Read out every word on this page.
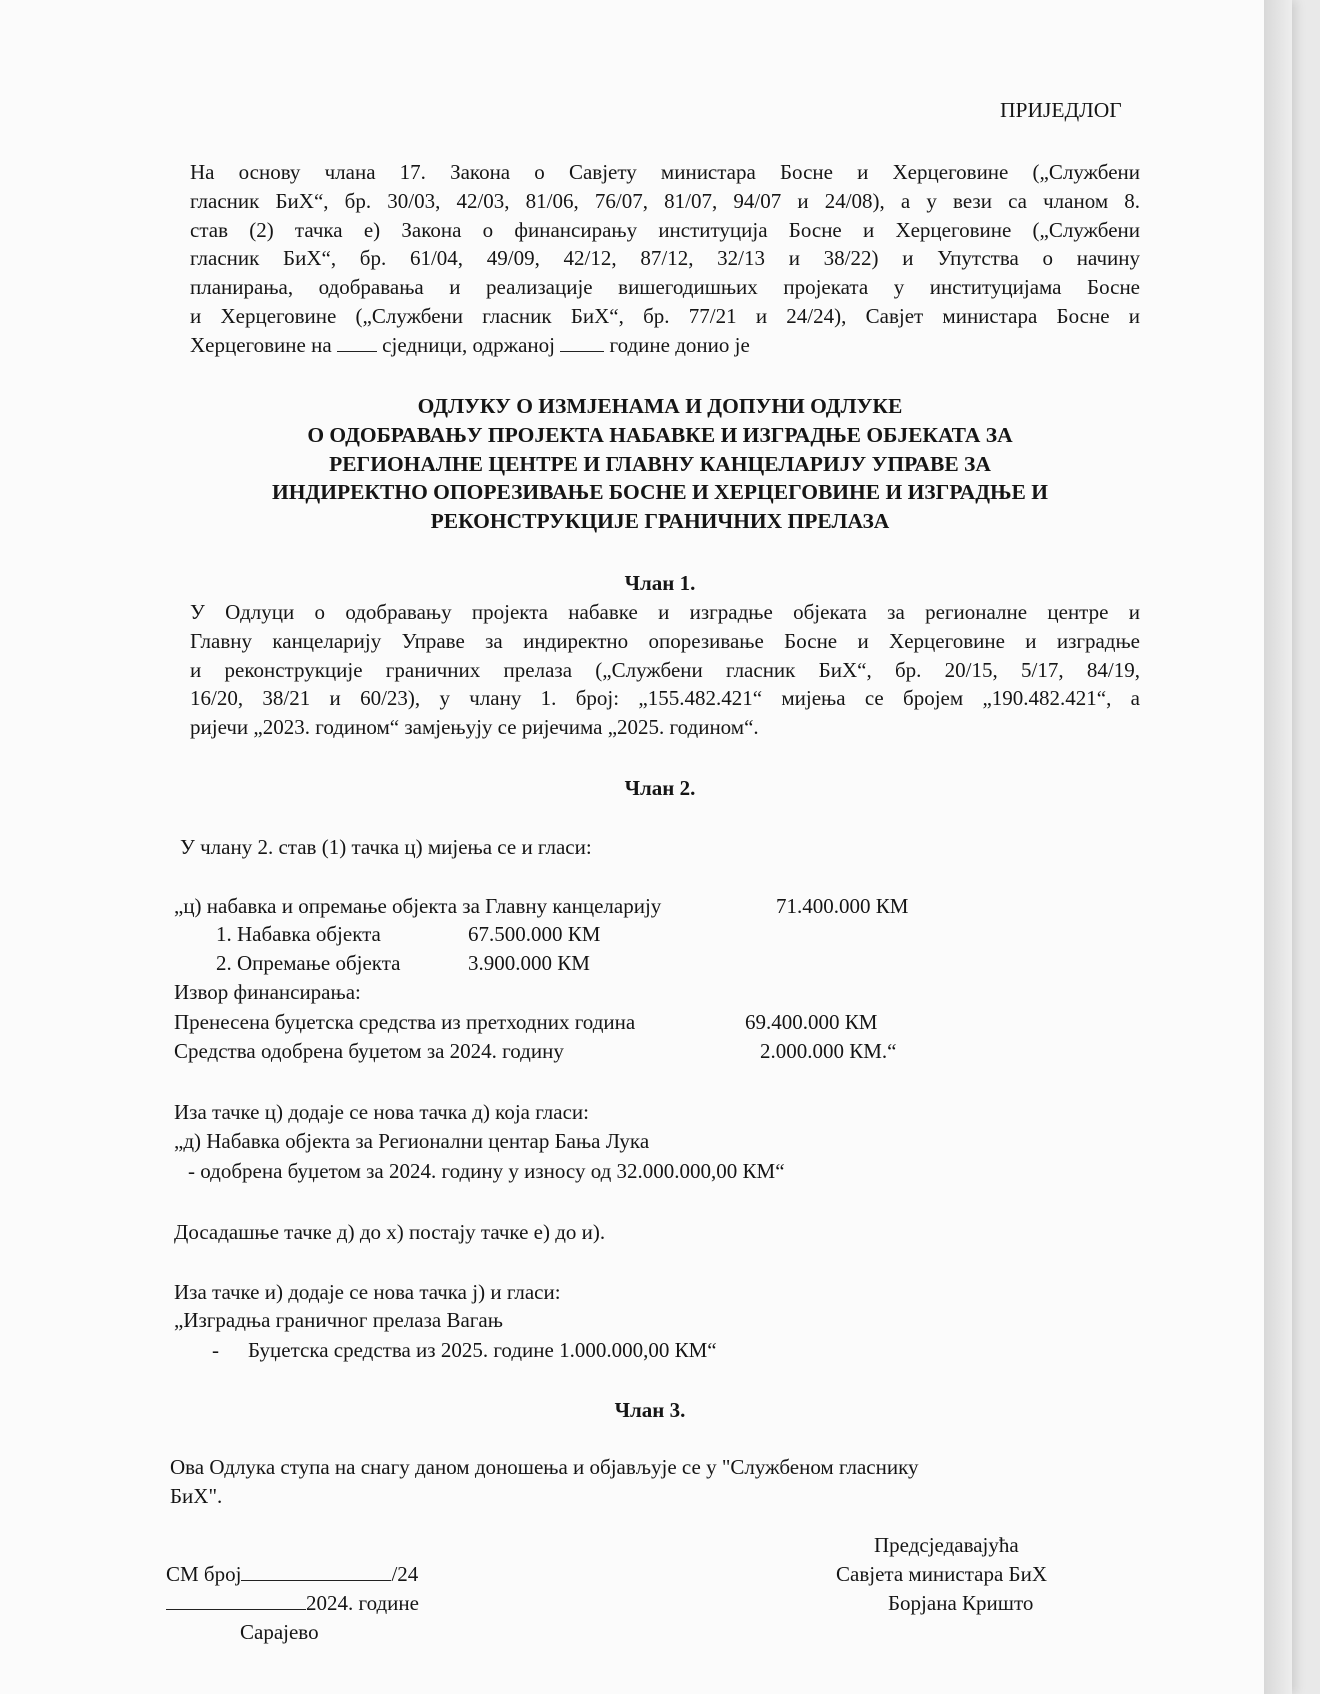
ПРИЈЕДЛОГ
На основу члана 17. Закона о Савјету министара Босне и Херцеговине („Службени
гласник БиХ“, бр. 30/03, 42/03, 81/06, 76/07, 81/07, 94/07 и 24/08), а у вези са чланом 8.
став (2) тачка е) Закона о финансирању институција Босне и Херцеговине („Службени
гласник БиХ“, бр. 61/04, 49/09, 42/12, 87/12, 32/13 и 38/22) и Упутства о начину
планирања, одобравања и реализације вишегодишњих пројеката у институцијама Босне
и Херцеговине („Службени гласник БиХ“, бр. 77/21 и 24/24), Савјет министара Босне и
Херцеговине на сједници, одржаној	године донио је
ОДЛУКУ О ИЗМЈЕНАМА И ДОПУНИ ОДЛУКЕ
О ОДОБРАВАЊУ ПРОЈЕКТА НАБАВКЕ И ИЗГРАДЊЕ ОБЈЕКАТА ЗА
РЕГИОНАЛНЕ ЦЕНТРЕ И ГЛАВНУ КАНЦЕЛАРИЈУ УПРАВЕ ЗА
ИНДИРЕКТНО ОПОРЕЗИВАЊЕ БОСНЕ И ХЕРЦЕГОВИНЕ И ИЗГРАДЊЕ И
РЕКОНСТРУКЦИЈЕ ГРАНИЧНИХ ПРЕЛАЗА
Члан 1.
У Одлуци о одобравању пројекта набавке и изградње објеката за регионалне центре и
Главну канцеларију Управе за индиректно опорезивање Босне и Херцеговине и изградње
и реконструкције граничних прелаза („Службени гласник БиХ“, бр. 20/15, 5/17, 84/19,
16/20, 38/21 и 60/23), у члану 1. број: „155.482.421“ мијења се бројем „190.482.421“, а
ријечи „2023. годином“ замјењују се ријечима „2025. годином“.
Члан 2.
У члану 2. став (1) тачка ц) мијења се и гласи:
„ц) набавка и опремање објекта за Главну канцеларију	71.400.000 КМ
1. Набавка објекта	67.500.000 КМ
2. Опремање објекта	3.900.000 КМ
Извор финансирања:
Пренесена буџетска средства из претходних година	69.400.000 КМ
Средства одобрена буџетом за 2024. годину	2.000.000 КМ.“
Иза тачке ц) додаје се нова тачка д) која гласи:
„д) Набавка објекта за Регионални центар Бања Лука
- одобрена буџетом за 2024. годину у износу од 32.000.000,00 КМ“
Досадашње тачке д) до х) постају тачке е) до и).
Иза тачке и) додаје се нова тачка ј) и гласи:
„Изградња граничног прелаза Вагањ
- Буџетска средства из 2025. године 1.000.000,00 КМ“
Члан 3.
Ова Одлука ступа на снагу даном доношења и објављује се у "Службеном гласнику
БиХ".
СМ број	/24
2024. године
Сарајево
Предсједавајућа
Савјета министара БиХ
Борјана Кришто
